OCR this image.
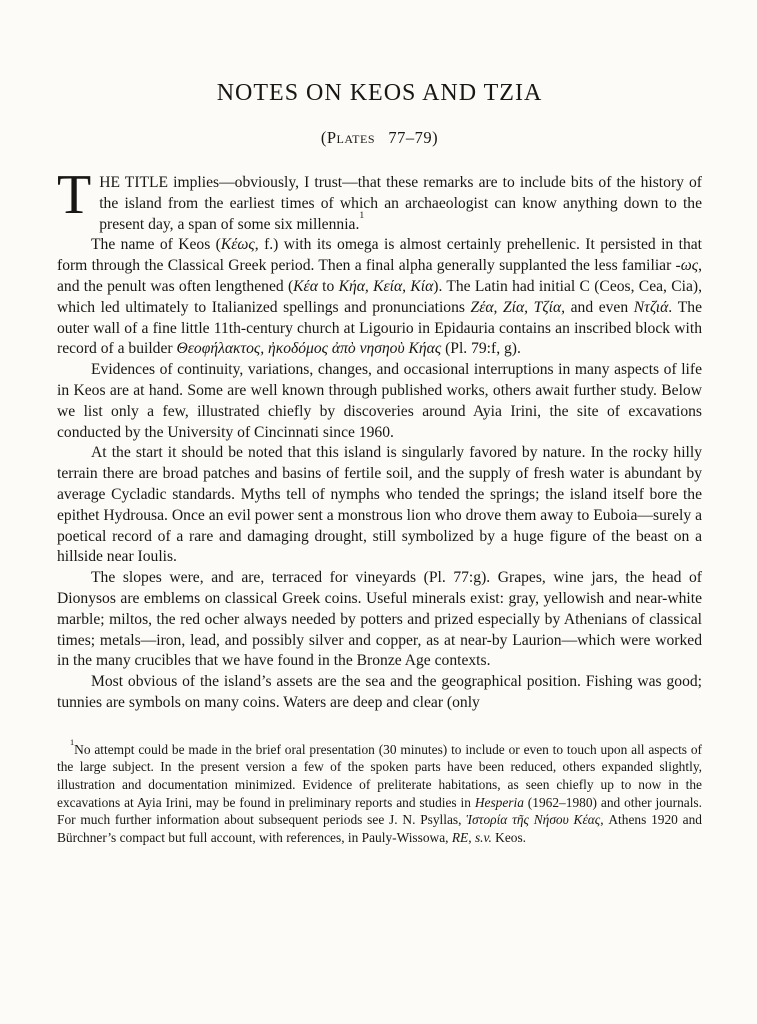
NOTES ON KEOS AND TZIA
(Plates  77–79)

THE TITLE implies—obviously, I trust—that these remarks are to include bits of the history of the island from the earliest times of which an archaeologist can know anything down to the present day, a span of some six millennia.$^1$

The name of Keos (Κέως, f.) with its omega is almost certainly prehellenic. It persisted in that form through the Classical Greek period. Then a final alpha generally supplanted the less familiar -ως, and the penult was often lengthened (Κέα to Κήα, Κεία, Κία). The Latin had initial C (Ceos, Cea, Cia), which led ultimately to Italianized spellings and pronunciations Ζέα, Ζία, Τζία, and even Ντζιά. The outer wall of a fine little 11th-century church at Ligourio in Epidauria contains an inscribed block with record of a builder Θεοφήλακτος, ἠκοδόμος ἀπὸ νησηοὺ Κήας (Pl. 79:f, g).

Evidences of continuity, variations, changes, and occasional interruptions in many aspects of life in Keos are at hand. Some are well known through published works, others await further study. Below we list only a few, illustrated chiefly by discoveries around Ayia Irini, the site of excavations conducted by the University of Cincinnati since 1960.

At the start it should be noted that this island is singularly favored by nature. In the rocky hilly terrain there are broad patches and basins of fertile soil, and the supply of fresh water is abundant by average Cycladic standards. Myths tell of nymphs who tended the springs; the island itself bore the epithet Hydrousa. Once an evil power sent a monstrous lion who drove them away to Euboia—surely a poetical record of a rare and damaging drought, still symbolized by a huge figure of the beast on a hillside near Ioulis.

The slopes were, and are, terraced for vineyards (Pl. 77:g). Grapes, wine jars, the head of Dionysos are emblems on classical Greek coins. Useful minerals exist: gray, yellowish and near-white marble; miltos, the red ocher always needed by potters and prized especially by Athenians of classical times; metals—iron, lead, and possibly silver and copper, as at near-by Laurion—which were worked in the many crucibles that we have found in the Bronze Age contexts.

Most obvious of the island’s assets are the sea and the geographical position. Fishing was good; tunnies are symbols on many coins. Waters are deep and clear (only

$^1$No attempt could be made in the brief oral presentation (30 minutes) to include or even to touch upon all aspects of the large subject. In the present version a few of the spoken parts have been reduced, others expanded slightly, illustration and documentation minimized. Evidence of preliterate habitations, as seen chiefly up to now in the excavations at Ayia Irini, may be found in preliminary reports and studies in Hesperia (1962–1980) and other journals. For much further information about subsequent periods see J. N. Psyllas, Ἱστορία τῆς Νήσου Κέας, Athens 1920 and Bürchner’s compact but full account, with references, in Pauly-Wissowa, RE, s.v. Keos.
